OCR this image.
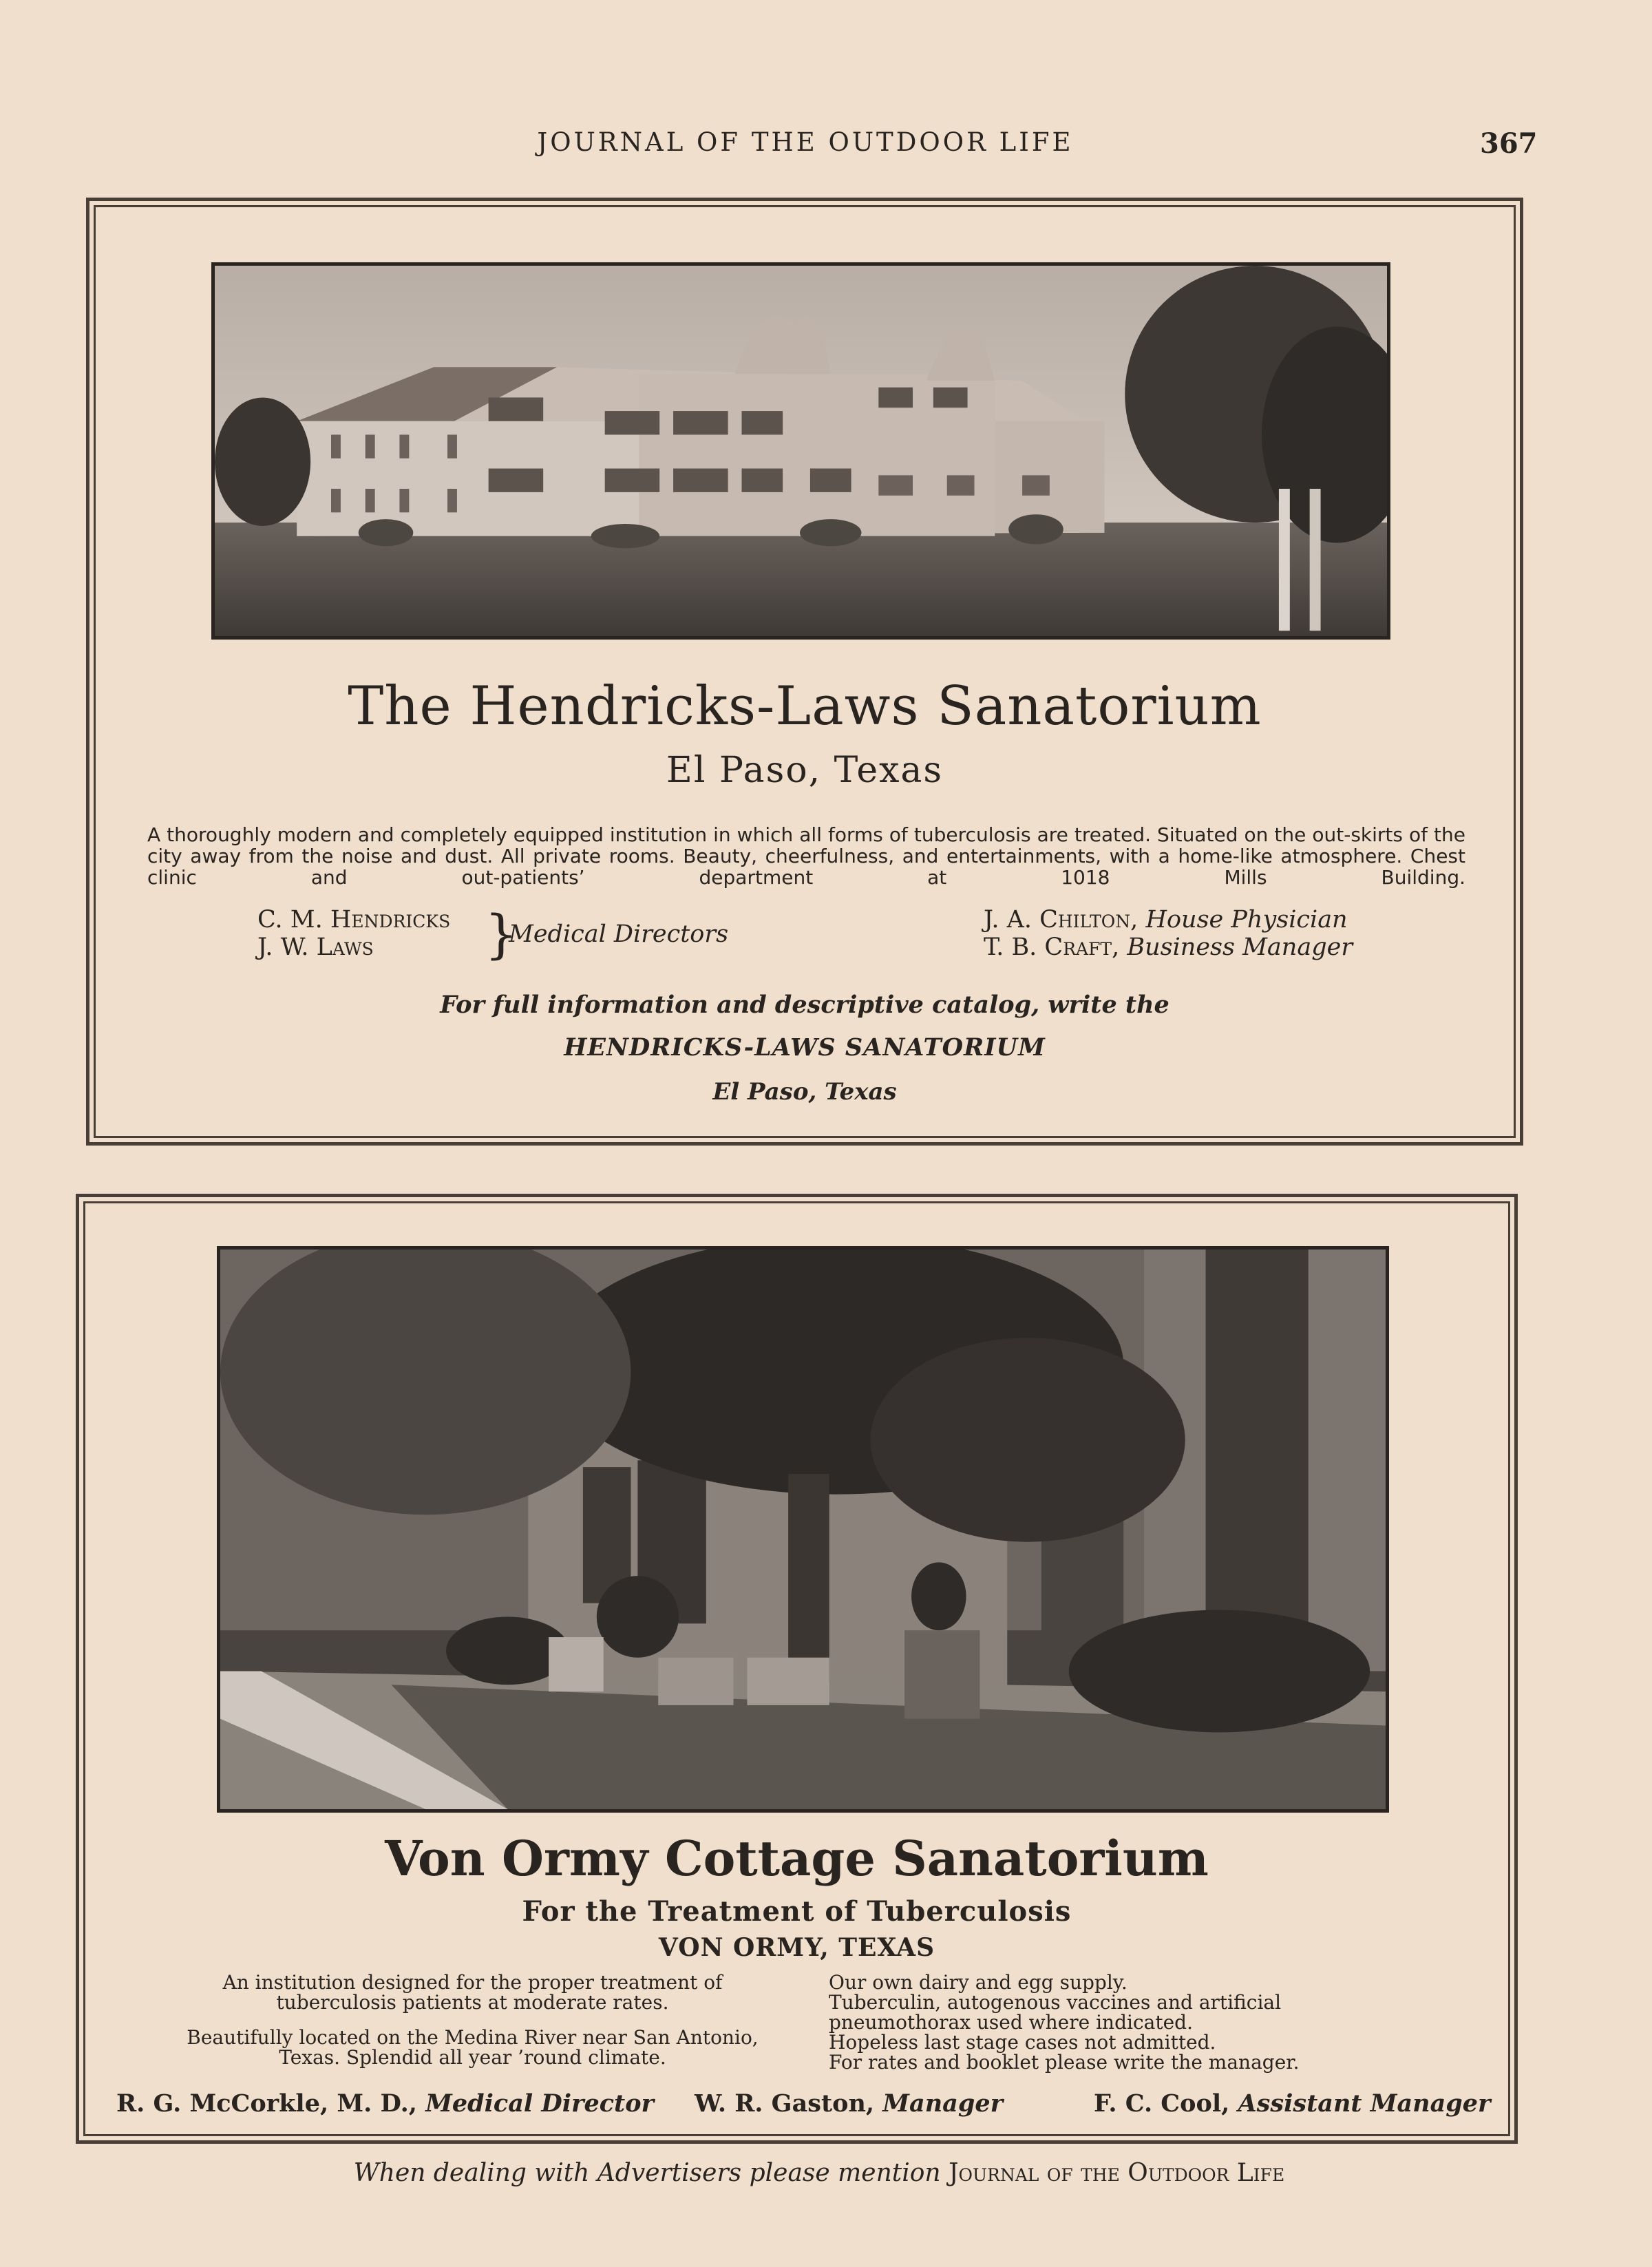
JOURNAL OF THE OUTDOOR LIFE	367
The Hendricks-Laws Sanatorium
El Paso, Texas
A thoroughly modern and completely equipped institution in which all forms of tuberculosis are treated. Situated on the out-skirts of the city away from the noise and dust. All private rooms. Beauty, cheerfulness, and entertainments, with a home-like atmosphere. Chest clinic and out-patients’ department at 1018 Mills Building.
C. M. Hendricks
J. W. Laws	}
Medical Directors
J. A. Chilton, House Physician
T. B. Craft, Business Manager
For full information and descriptive catalog, write the
HENDRICKS-LAWS SANATORIUM
El Paso, Texas
Von Ormy Cottage Sanatorium
For the Treatment of Tuberculosis
VON ORMY, TEXAS

An institution designed for the proper treatment of tuberculosis patients at moderate rates.

Beautifully located on the Medina River near San Antonio, Texas. Splendid all year ’round climate.

Our own dairy and egg supply.
Tuberculin, autogenous vaccines and artificial pneumothorax used where indicated.
Hopeless last stage cases not admitted.
For rates and booklet please write the manager.
R. G. McCorkle, M. D., Medical Director W. R. Gaston, Manager	F. C. Cool, Assistant Manager
When dealing with Advertisers please mention Journal of the Outdoor Life
